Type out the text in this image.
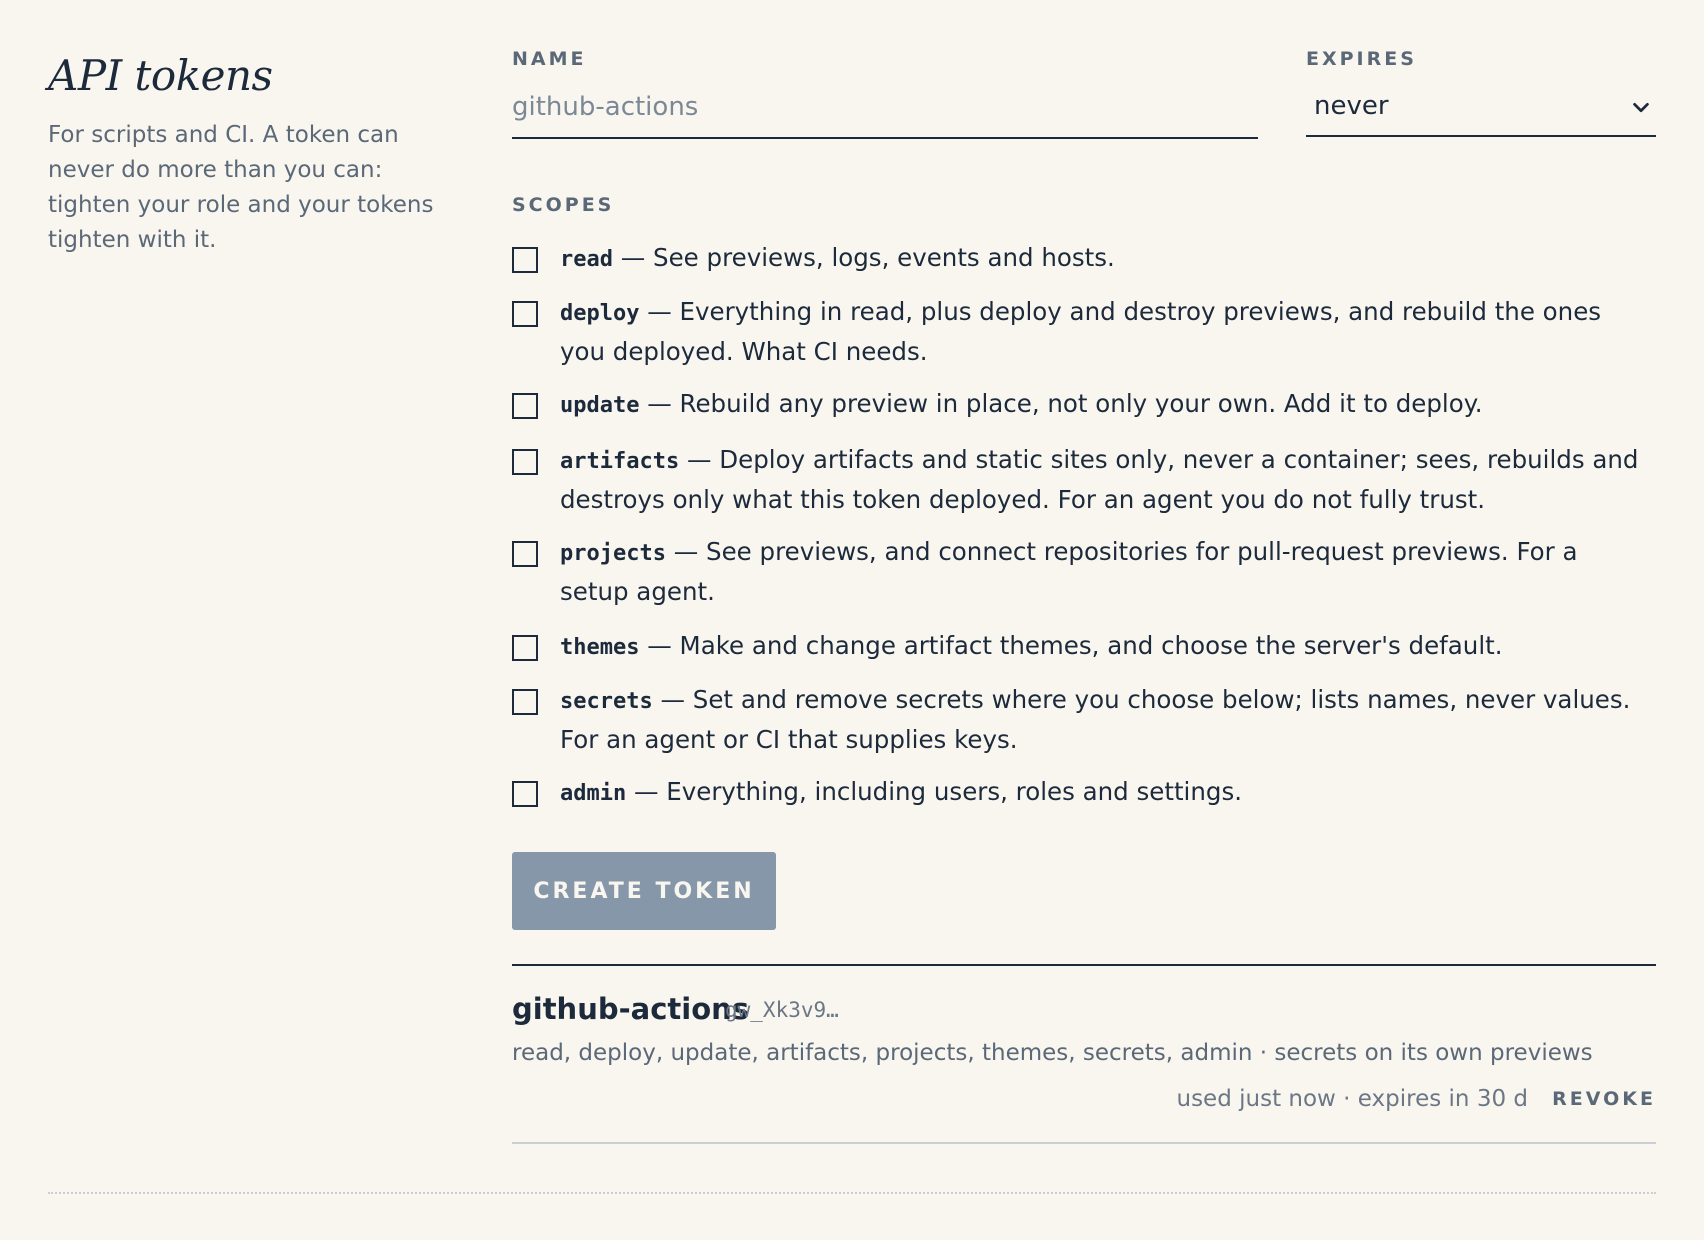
API tokens

For scripts and CI. A token can never do more than you can: tighten your role and your tokens tighten with it.

NAME
github-actions	EXPIRES
never
SCOPES
read — See previews, logs, events and hosts.
deploy — Everything in read, plus deploy and destroy previews, and rebuild the ones you deployed. What CI needs.
update — Rebuild any preview in place, not only your own. Add it to deploy.
artifacts — Deploy artifacts and static sites only, never a container; sees, rebuilds and destroys only what this token deployed. For an agent you do not fully trust.
projects — See previews, and connect repositories for pull-request previews. For a setup agent.
themes — Make and change artifact themes, and choose the server's default.
secrets — Set and remove secrets where you choose below; lists names, never values. For an agent or CI that supplies keys.
admin — Everything, including users, roles and settings.
CREATE TOKEN
github-actions
gw_Xk3v9…
read, deploy, update, artifacts, projects, themes, secrets, admin · secrets on its own previews
used just now · expires in 30 d REVOKE
